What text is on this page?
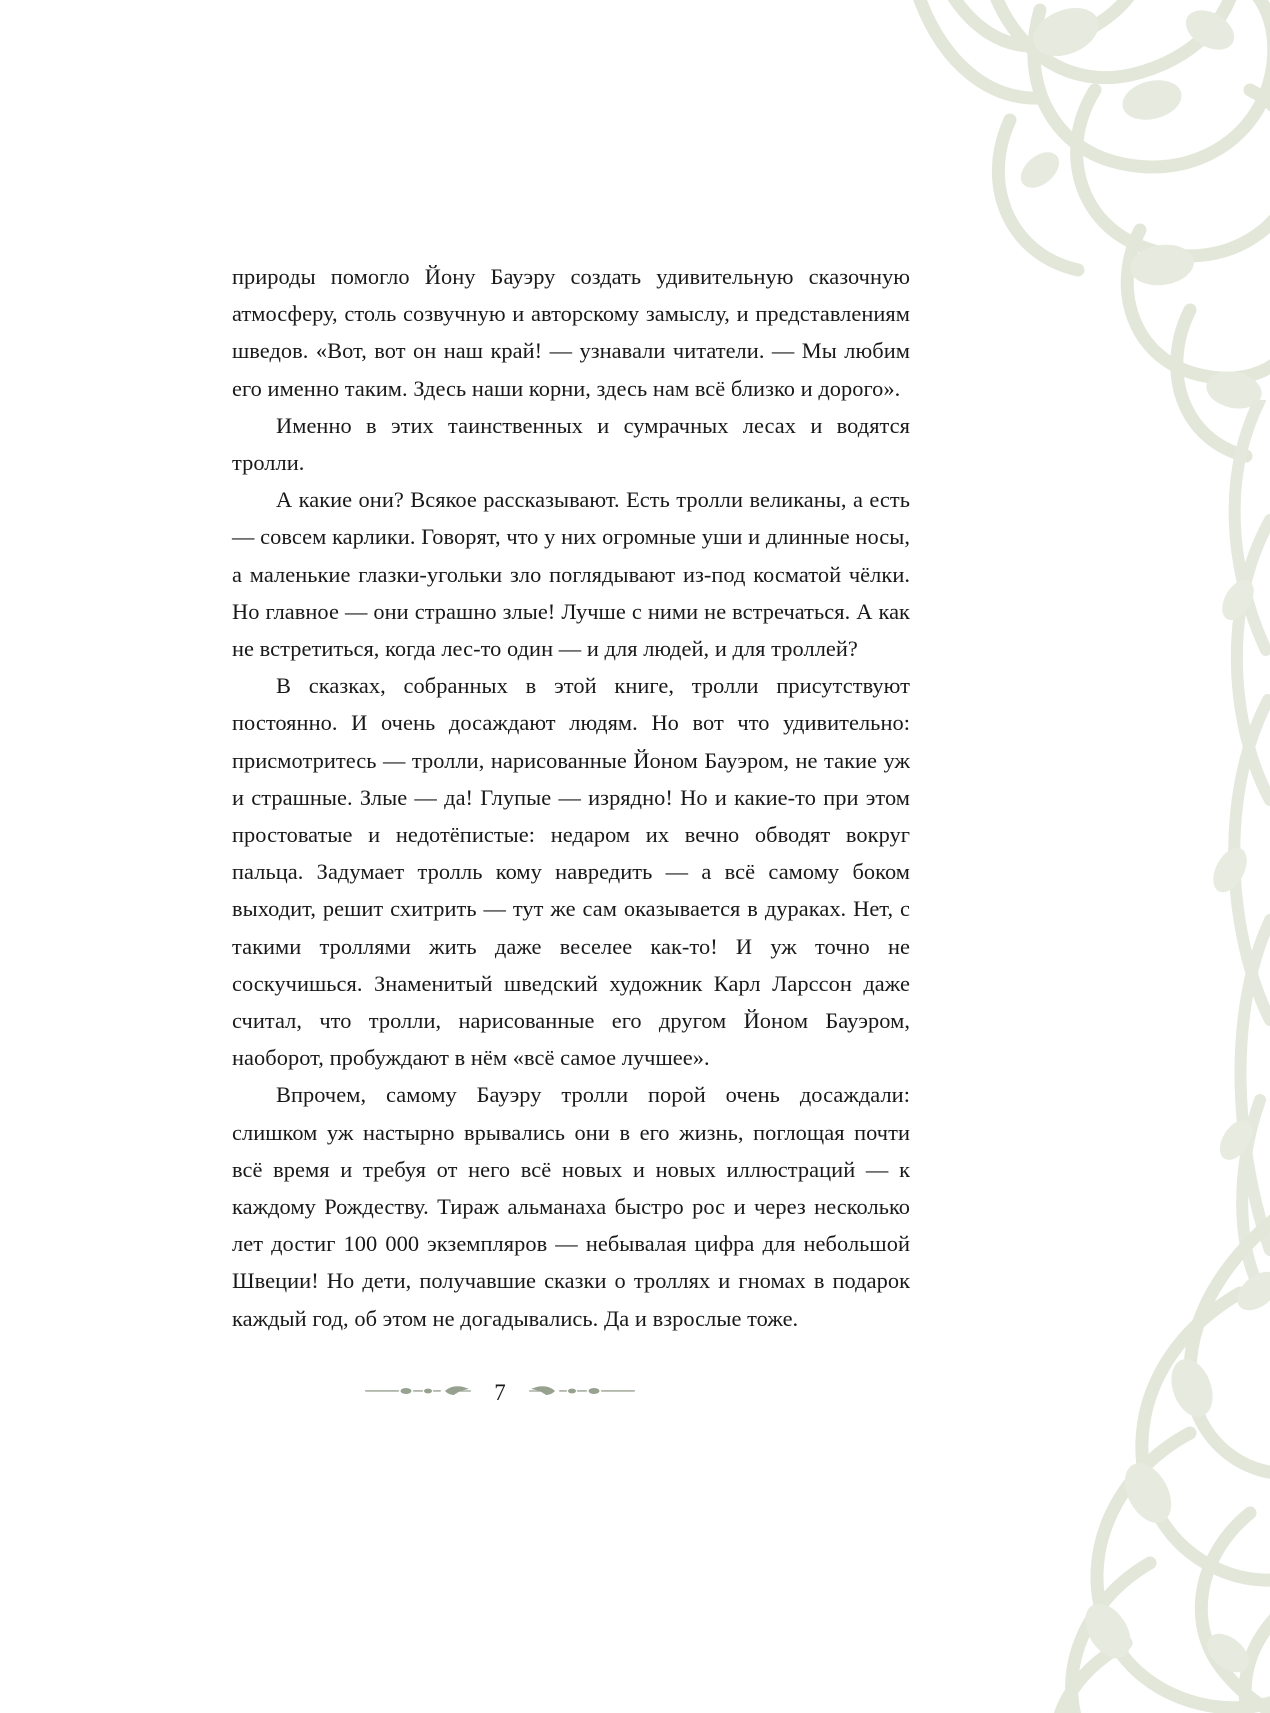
природы помогло Йону Бауэру создать удивительную сказочную атмосферу, столь созвучную и авторскому замыслу, и представлениям шведов. «Вот, вот он наш край! — узнавали читатели. — Мы любим его именно таким. Здесь наши корни, здесь нам всё близко и дорого».

Именно в этих таинственных и сумрачных лесах и водятся тролли.

А какие они? Всякое рассказывают. Есть тролли великаны, а есть — совсем карлики. Говорят, что у них огромные уши и длинные носы, а маленькие глазки-угольки зло поглядывают из-под косматой чёлки. Но главное — они страшно злые! Лучше с ними не встречаться. А как не встретиться, когда лес-то один — и для людей, и для троллей?

В сказках, собранных в этой книге, тролли присутствуют постоянно. И очень досаждают людям. Но вот что удивительно: присмотритесь — тролли, нарисованные Йоном Бауэром, не такие уж и страшные. Злые — да! Глупые — изрядно! Но и какие-то при этом простоватые и недотёпистые: недаром их вечно обводят вокруг пальца. Задумает тролль кому навредить — а всё самому боком выходит, решит схитрить — тут же сам оказывается в дураках. Нет, с такими троллями жить даже веселее как-то! И уж точно не соскучишься. Знаменитый шведский художник Карл Ларссон даже считал, что тролли, нарисованные его другом Йоном Бауэром, наоборот, пробуждают в нём «всё самое лучшее».

Впрочем, самому Бауэру тролли порой очень досаждали: слишком уж настырно врывались они в его жизнь, поглощая почти всё время и требуя от него всё новых и новых иллюстраций — к каждому Рождеству. Тираж альманаха быстро рос и через несколько лет достиг 100 000 экземпляров — небывалая цифра для небольшой Швеции! Но дети, получавшие сказки о троллях и гномах в подарок каждый год, об этом не догадывались. Да и взрослые тоже.

7
